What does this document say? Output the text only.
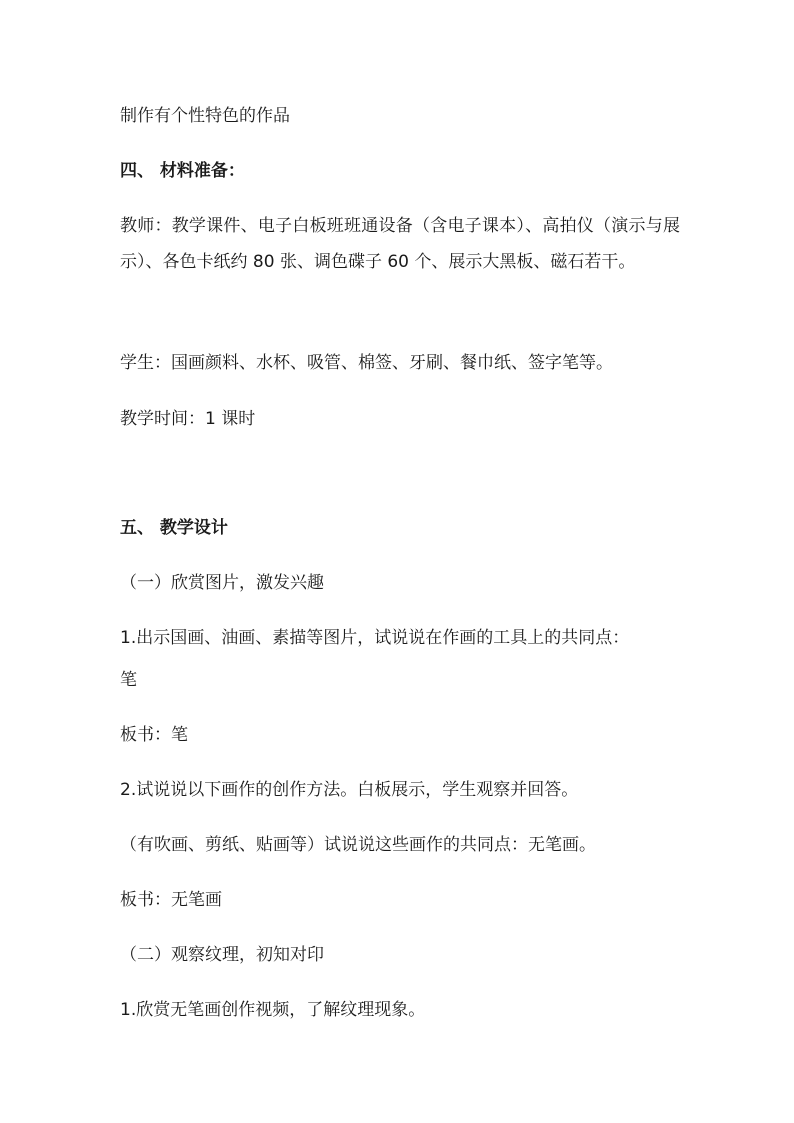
制作有个性特色的作品
四、 材料准备：
教师：教学课件、电子白板班班通设备（含电子课本）、高拍仪（演示与展示）、各色卡纸约 80 张、调色碟子 60 个、展示大黑板、磁石若干。
学生：国画颜料、水杯、吸管、棉签、牙刷、餐巾纸、签字笔等。
教学时间：1 课时
五、 教学设计
（一）欣赏图片，激发兴趣
1.出示国画、油画、素描等图片，试说说在作画的工具上的共同点：
笔
板书：笔
2.试说说以下画作的创作方法。白板展示，学生观察并回答。
（有吹画、剪纸、贴画等）试说说这些画作的共同点：无笔画。
板书：无笔画
（二）观察纹理，初知对印
1.欣赏无笔画创作视频，了解纹理现象。
